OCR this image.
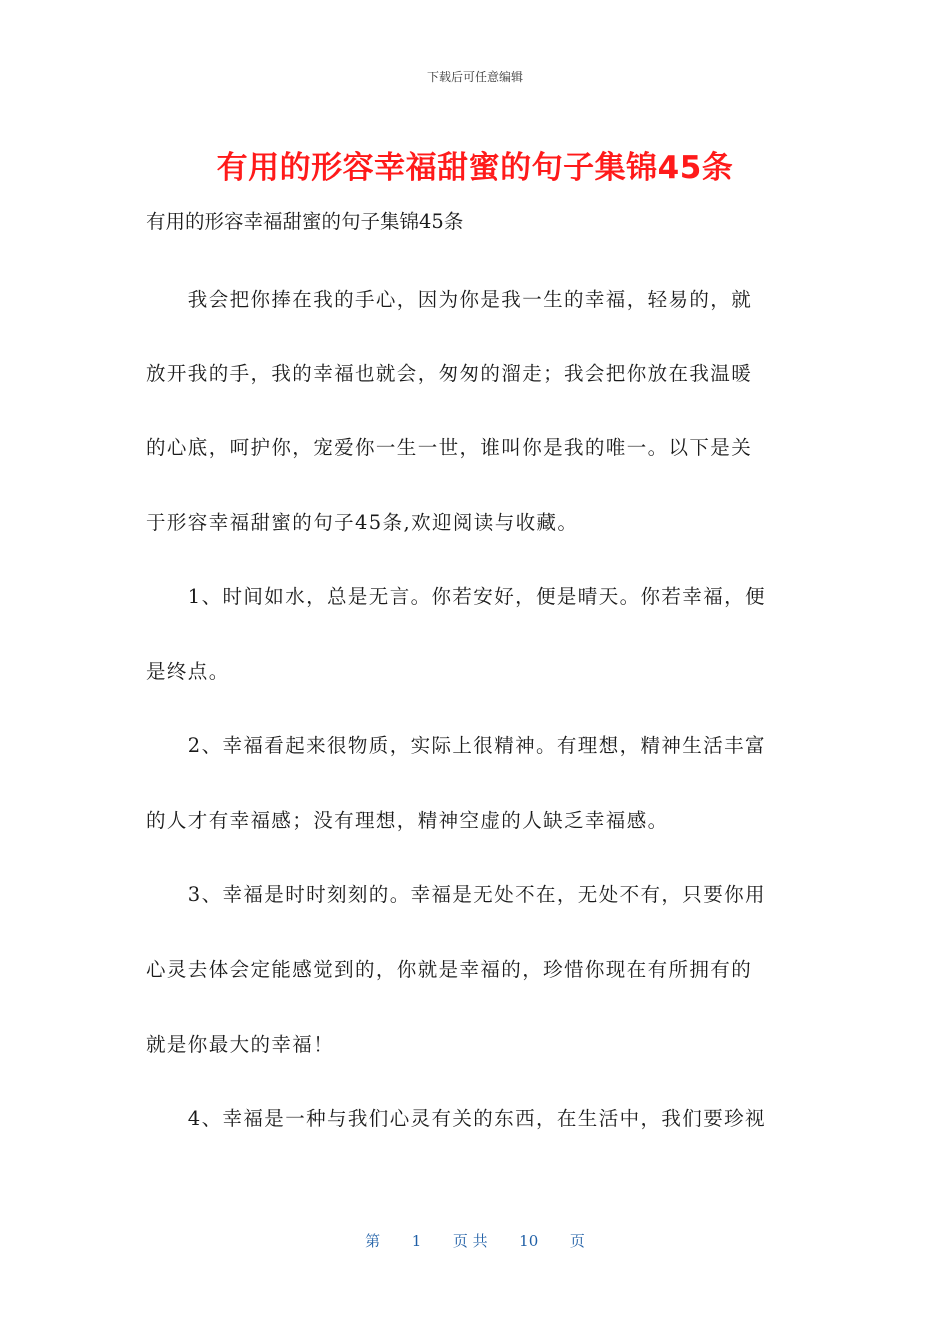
下载后可任意编辑
有用的形容幸福甜蜜的句子集锦45条
有用的形容幸福甜蜜的句子集锦45条
　　我会把你捧在我的手心，因为你是我一生的幸福，轻易的，就
放开我的手，我的幸福也就会，匆匆的溜走；我会把你放在我温暖
的心底，呵护你，宠爱你一生一世，谁叫你是我的唯一。以下是关
于形容幸福甜蜜的句子45条,欢迎阅读与收藏。
　　1、时间如水，总是无言。你若安好，便是晴天。你若幸福，便
是终点。
　　2、幸福看起来很物质，实际上很精神。有理想，精神生活丰富
的人才有幸福感；没有理想，精神空虚的人缺乏幸福感。
　　3、幸福是时时刻刻的。幸福是无处不在，无处不有，只要你用
心灵去体会定能感觉到的，你就是幸福的，珍惜你现在有所拥有的
就是你最大的幸福！
　　4、幸福是一种与我们心灵有关的东西，在生活中，我们要珍视
第 1 页 共 10 页
